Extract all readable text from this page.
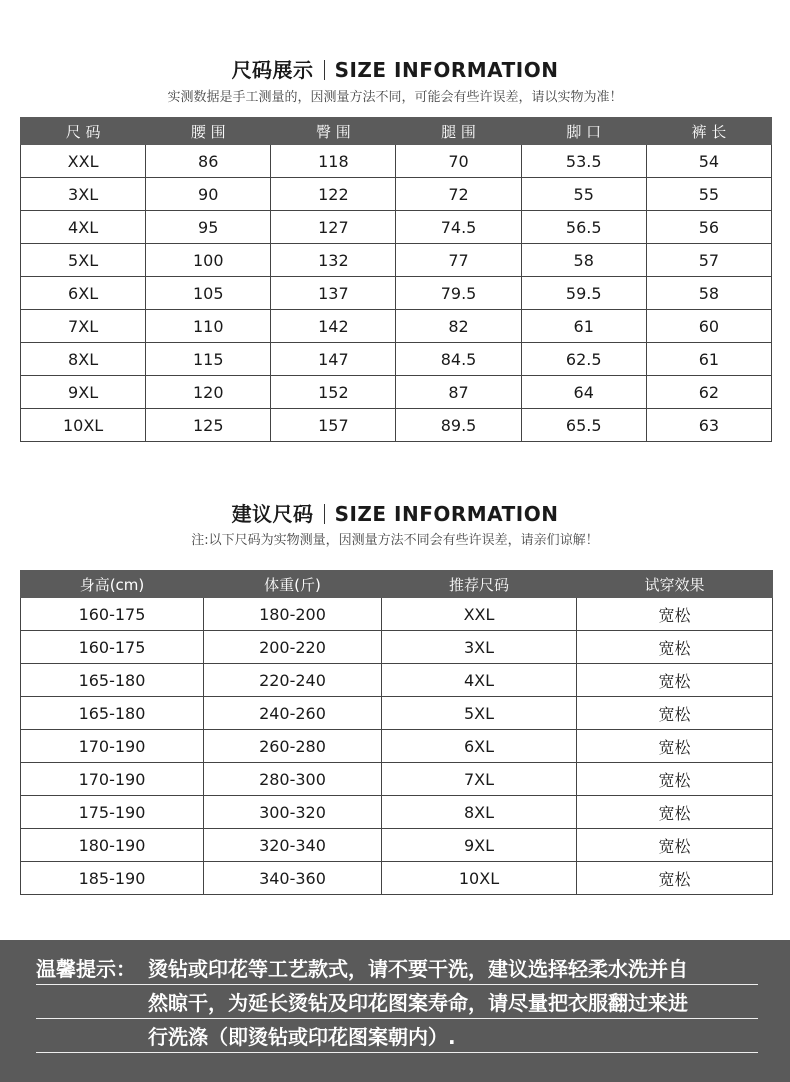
尺码展示 SIZE INFORMATION
实测数据是手工测量的，因测量方法不同，可能会有些许误差，请以实物为准！
尺 码	腰 围	臀 围	腿 围	脚 口	裤 长
XXL	86	118	70	53.5	54
3XL	90	122	72	55	55
4XL	95	127	74.5	56.5	56
5XL	100	132	77	58	57
6XL	105	137	79.5	59.5	58
7XL	110	142	82	61	60
8XL	115	147	84.5	62.5	61
9XL	120	152	87	64	62
10XL	125	157	89.5	65.5	63
建议尺码 SIZE INFORMATION
注:以下尺码为实物测量，因测量方法不同会有些许误差，请亲们谅解！
身高(cm)	体重(斤)	推荐尺码	试穿效果
160-175	180-200	XXL	宽松
160-175	200-220	3XL	宽松
165-180	220-240	4XL	宽松
165-180	240-260	5XL	宽松
170-190	260-280	6XL	宽松
170-190	280-300	7XL	宽松
175-190	300-320	8XL	宽松
180-190	320-340	9XL	宽松
185-190	340-360	10XL	宽松
温馨提示： 烫钻或印花等工艺款式，请不要干洗，建议选择轻柔水洗并自
然晾干，为延长烫钻及印花图案寿命，请尽量把衣服翻过来进
行洗涤（即烫钻或印花图案朝内）.
